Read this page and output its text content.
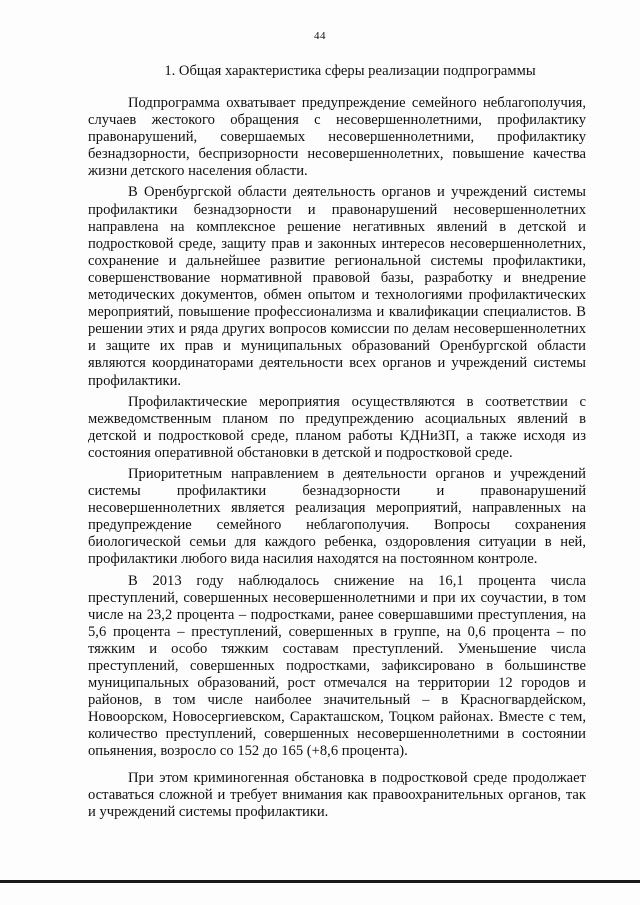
44
1. Общая характеристика сферы реализации подпрограммы

Подпрограмма охватывает предупреждение семейного неблагополучия, случаев жестокого обращения с несовершеннолетними, профилактику правонарушений, совершаемых несовершеннолетними, профилактику безнадзорности, беспризорности несовершеннолетних, повышение качества жизни детского населения области.

В Оренбургской области деятельность органов и учреждений системы профилактики безнадзорности и правонарушений несовершеннолетних направлена на комплексное решение негативных явлений в детской и подростковой среде, защиту прав и законных интересов несовершеннолетних, сохранение и дальнейшее развитие региональной системы профилактики, совершенствование нормативной правовой базы, разработку и внедрение методических документов, обмен опытом и технологиями профилактических мероприятий, повышение профессионализма и квалификации специалистов. В решении этих и ряда других вопросов комиссии по делам несовершеннолетних и защите их прав и муниципальных образований Оренбургской области являются координаторами деятельности всех органов и учреждений системы профилактики.

Профилактические мероприятия осуществляются в соответствии с межведомственным планом по предупреждению асоциальных явлений в детской и подростковой среде, планом работы КДНиЗП, а также исходя из состояния оперативной обстановки в детской и подростковой среде.

Приоритетным направлением в деятельности органов и учреждений системы профилактики безнадзорности и правонарушений несовершеннолетних является реализация мероприятий, направленных на предупреждение семейного неблагополучия. Вопросы сохранения биологической семьи для каждого ребенка, оздоровления ситуации в ней, профилактики любого вида насилия находятся на постоянном контроле.

В 2013 году наблюдалось снижение на 16,1 процента числа преступлений, совершенных несовершеннолетними и при их соучастии, в том числе на 23,2 процента – подростками, ранее совершавшими преступления, на 5,6 процента – преступлений, совершенных в группе, на 0,6 процента – по тяжким и особо тяжким составам преступлений. Уменьшение числа преступлений, совершенных подростками, зафиксировано в большинстве муниципальных образований, рост отмечался на территории 12 городов и районов, в том числе наиболее значительный – в Красногвардейском, Новоорском, Новосергиевском, Саракташском, Тоцком районах. Вместе с тем, количество преступлений, совершенных несовершеннолетними в состоянии опьянения, возросло со 152 до 165 (+8,6 процента).

При этом криминогенная обстановка в подростковой среде продолжает оставаться сложной и требует внимания как правоохранительных органов, так и учреждений системы профилактики.
